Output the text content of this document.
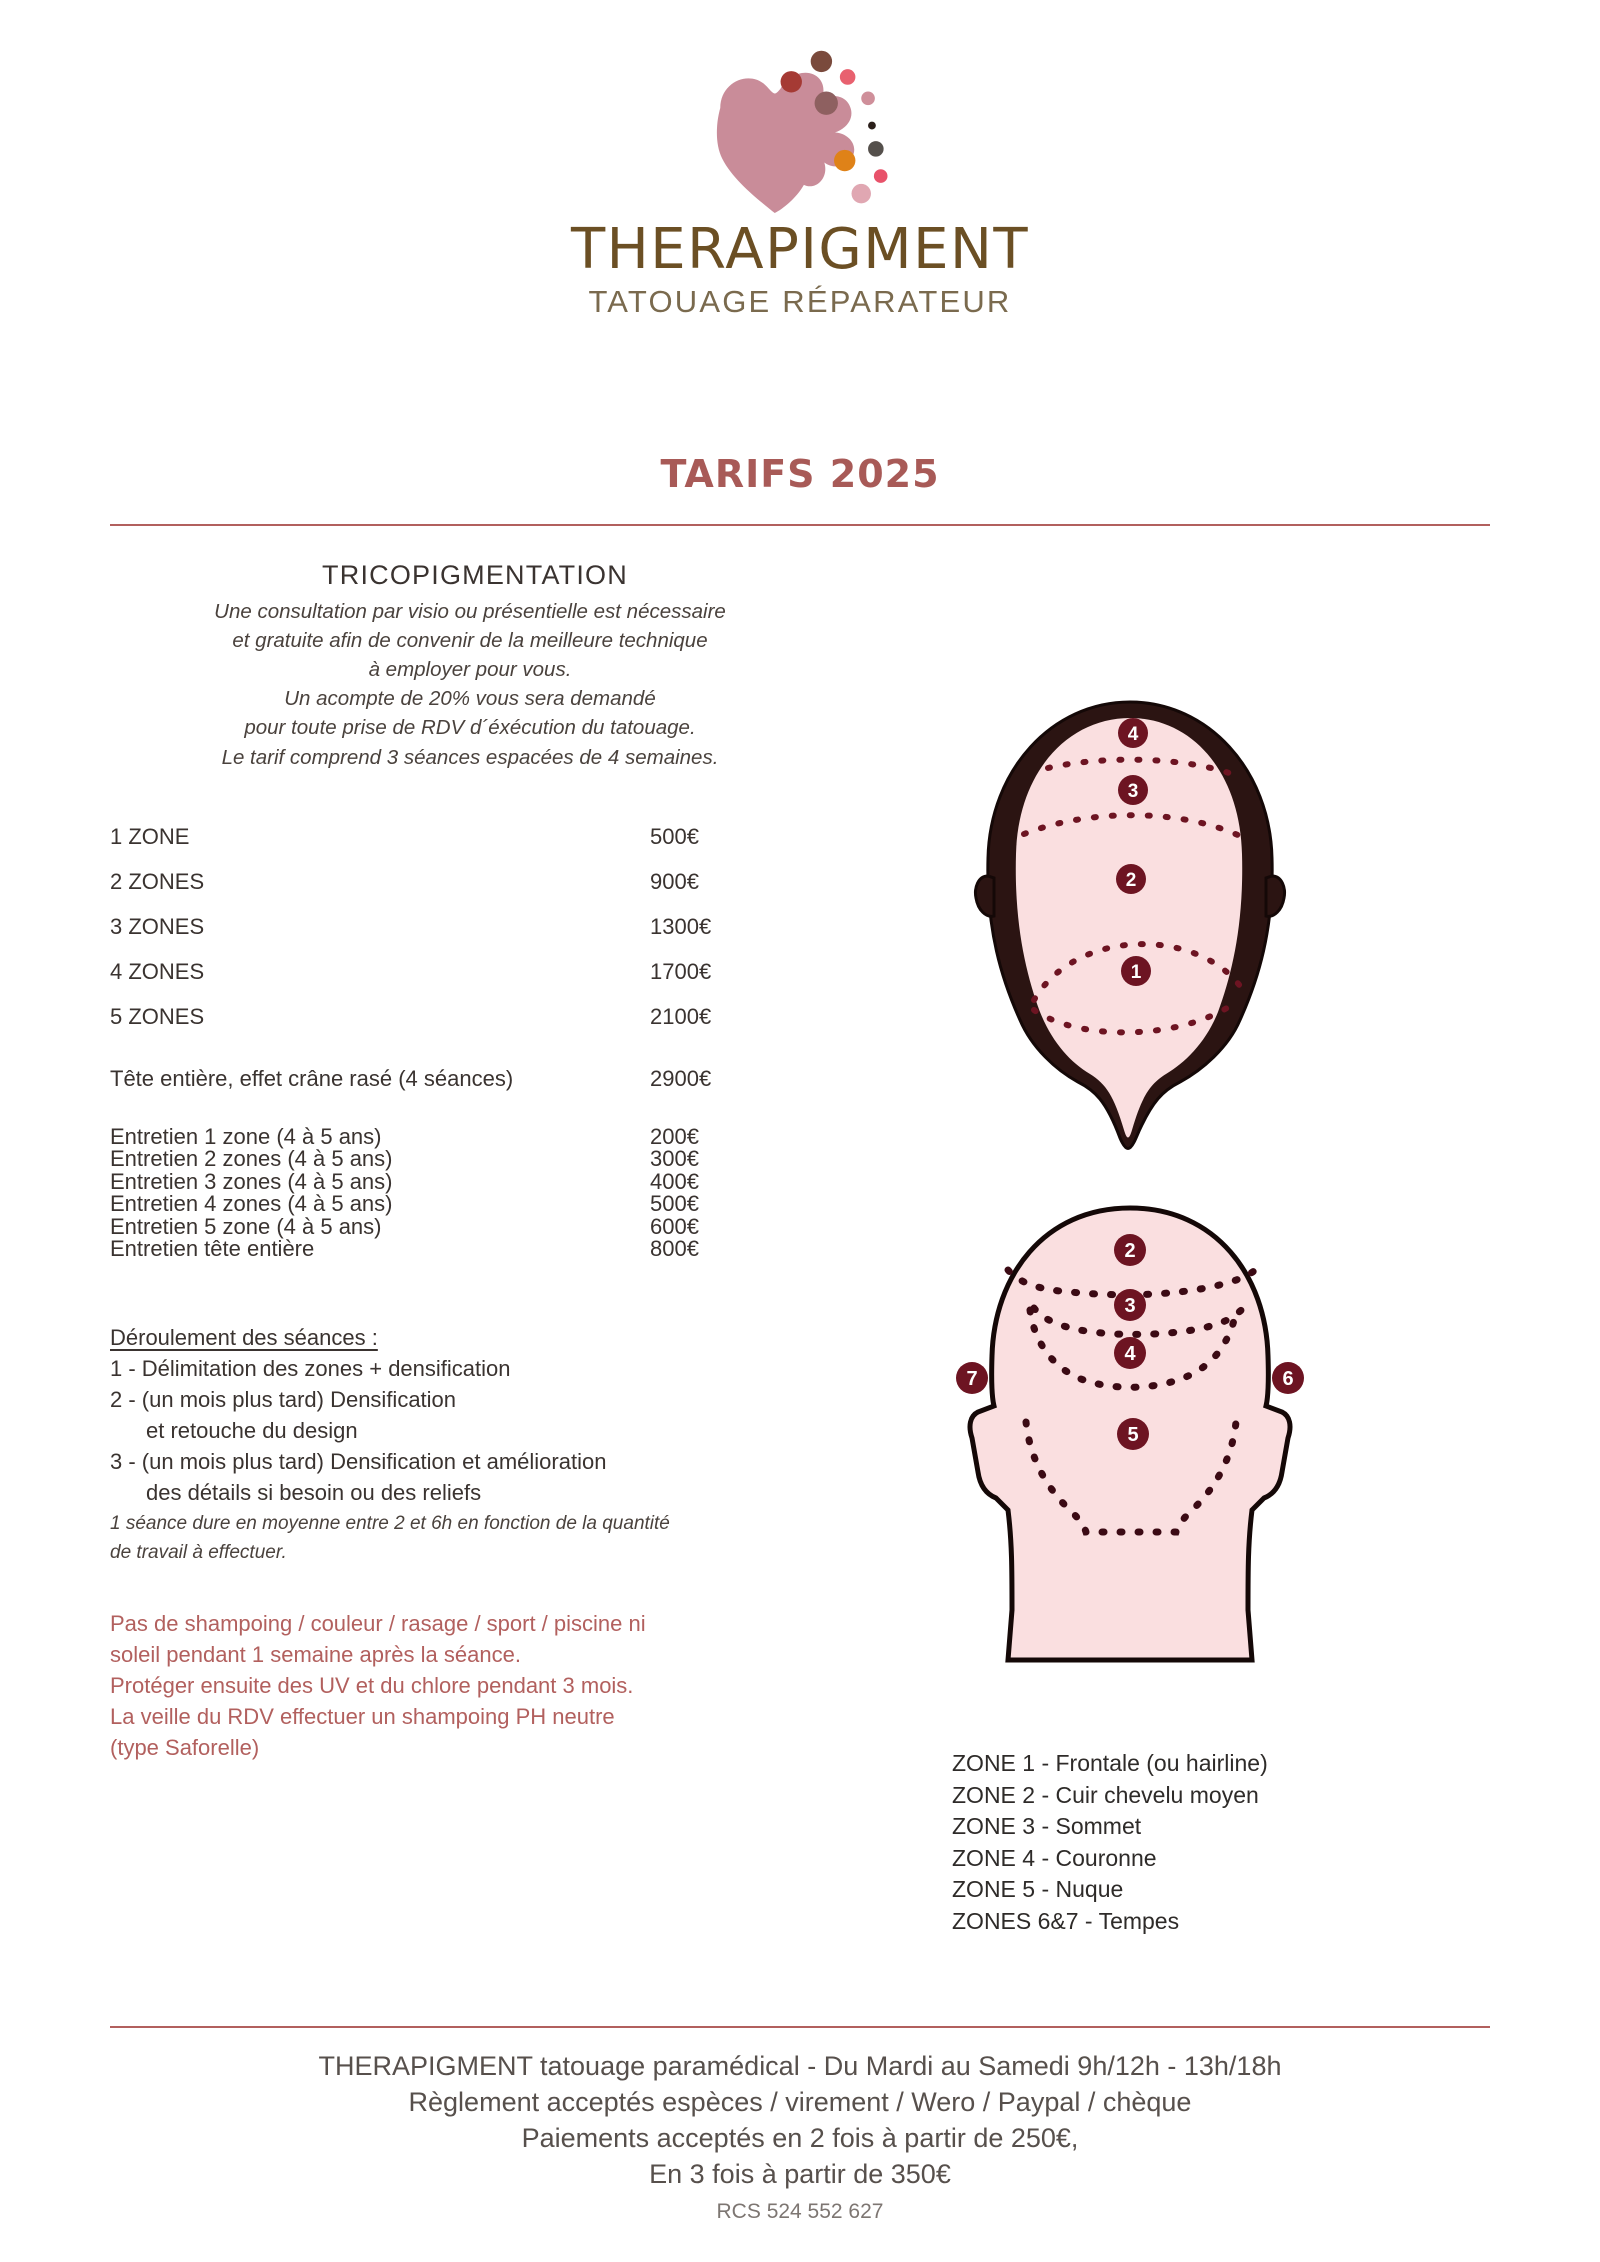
THERAPIGMENT
TATOUAGE RÉPARATEUR
TARIFS 2025
TRICOPIGMENTATION
Une consultation par visio ou présentielle est nécessaire
et gratuite afin de convenir de la meilleure technique
à employer pour vous.
Un acompte de 20% vous sera demandé
pour toute prise de RDV d´éxécution du tatouage.
Le tarif comprend 3 séances espacées de 4 semaines.
1 ZONE	500€
2 ZONES	900€
3 ZONES	1300€
4 ZONES	1700€
5 ZONES	2100€
Tête entière, effet crâne rasé (4 séances)	2900€
Entretien 1 zone (4 à 5 ans)	200€
Entretien 2 zones (4 à 5 ans)	300€
Entretien 3 zones (4 à 5 ans)	400€
Entretien 4 zones (4 à 5 ans)	500€
Entretien 5 zone (4 à 5 ans)	600€
Entretien tête entière	800€
Déroulement des séances :
1 - Délimitation des zones + densification
2 - (un mois plus tard) Densification
et retouche du design
3 - (un mois plus tard) Densification et amélioration
des détails si besoin ou des reliefs
1 séance dure en moyenne entre 2 et 6h en fonction de la quantité
de travail à effectuer.
Pas de shampoing / couleur / rasage / sport / piscine ni
soleil pendant 1 semaine après la séance.
Protéger ensuite des UV et du chlore pendant 3 mois.
La veille du RDV effectuer un shampoing PH neutre
(type Saforelle)
4
3
2
1
2
3
4
7	6
5
ZONE 1 - Frontale (ou hairline)
ZONE 2 - Cuir chevelu moyen
ZONE 3 - Sommet
ZONE 4 - Couronne
ZONE 5 - Nuque
ZONES 6&7 - Tempes
THERAPIGMENT tatouage paramédical - Du Mardi au Samedi 9h/12h - 13h/18h
Règlement acceptés espèces / virement / Wero / Paypal / chèque
Paiements acceptés en 2 fois à partir de 250€,
En 3 fois à partir de 350€
RCS 524 552 627
